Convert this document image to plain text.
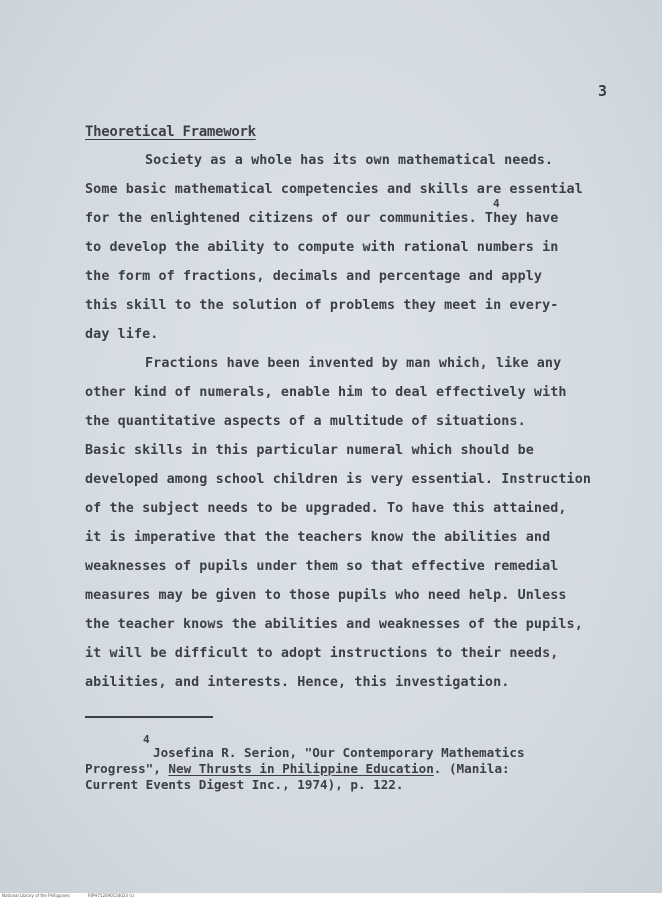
3
Theoretical Framework
Society as a whole has its own mathematical needs.
Some basic mathematical competencies and skills are essential
4
for the enlightened citizens of our communities. They have
to develop the ability to compute with rational numbers in
the form of fractions, decimals and percentage and apply
this skill to the solution of problems they meet in every-
day life.
Fractions have been invented by man which, like any
other kind of numerals, enable him to deal effectively with
the quantitative aspects of a multitude of situations.
Basic skills in this particular numeral which should be
developed among school children is very essential. Instruction
of the subject needs to be upgraded. To have this attained,
it is imperative that the teachers know the abilities and
weaknesses of pupils under them so that effective remedial
measures may be given to those pupils who need help. Unless
the teacher knows the abilities and weaknesses of the pupils,
it will be difficult to adopt instructions to their needs,
abilities, and interests. Hence, this investigation.
4
Josefina R. Serion, "Our Contemporary Mathematics
Progress", New Thrusts in Philippine Education. (Manila:
Current Events Digest Inc., 1974), p. 122.
National Library of the Philippines	RIPH752090154023 (c)
